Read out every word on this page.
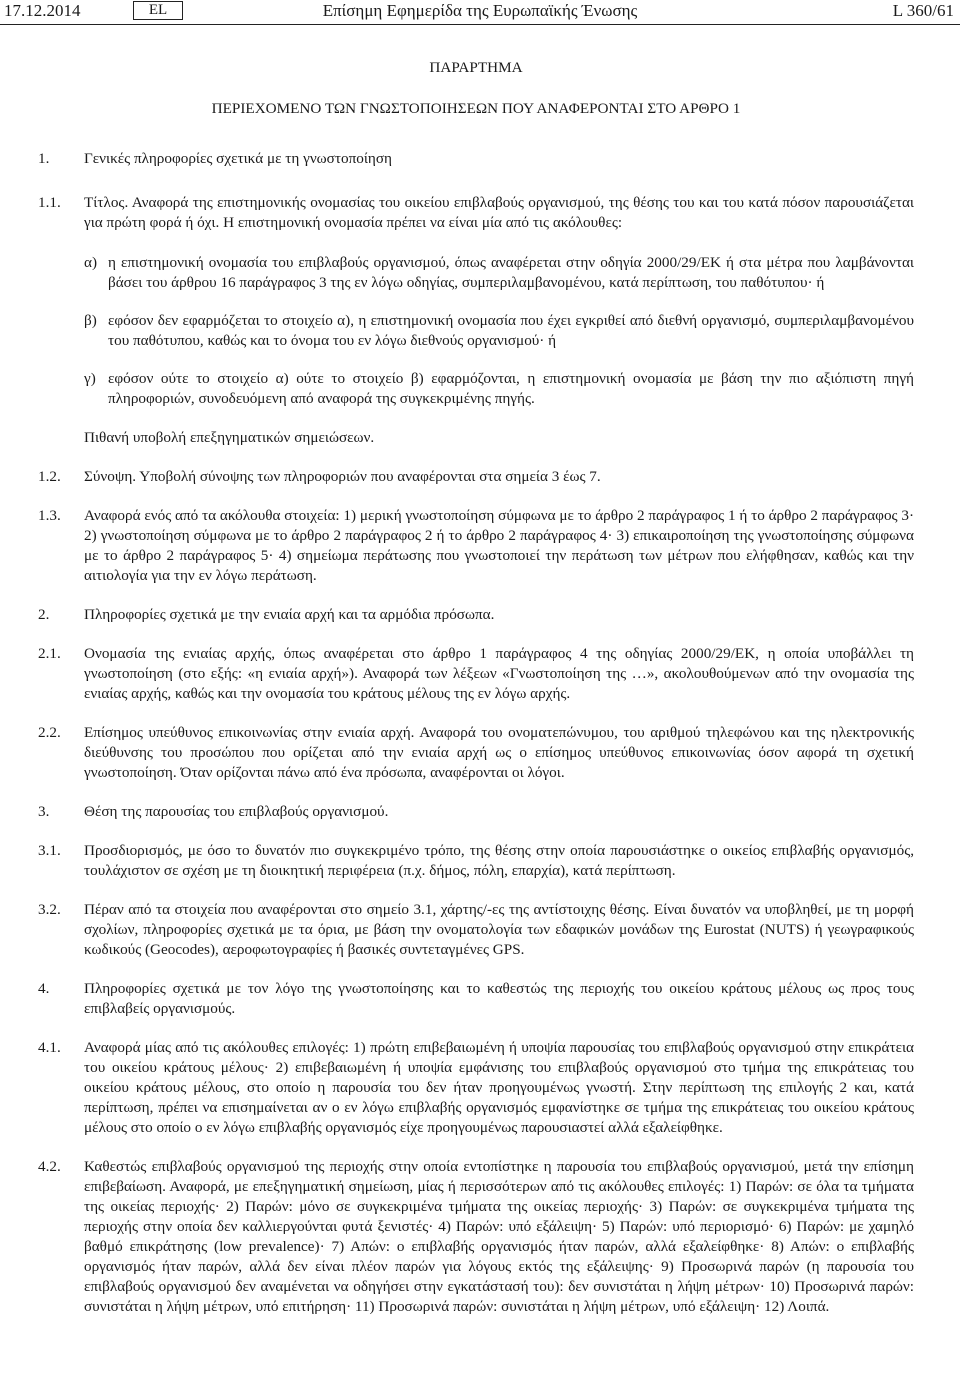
17.12.2014	EL	Επίσημη Εφημερίδα της Ευρωπαϊκής Ένωσης	L 360/61

ΠΑΡΑΡΤΗΜΑ

ΠΕΡΙΕΧΟΜΕΝΟ ΤΩΝ ΓΝΩΣΤΟΠΟΙΗΣΕΩΝ ΠΟΥ ΑΝΑΦΕΡΟΝΤΑΙ ΣΤΟ ΑΡΘΡΟ 1

1. Γενικές πληροφορίες σχετικά με τη γνωστοποίηση

1.1. Τίτλος. Αναφορά της επιστημονικής ονομασίας του οικείου επιβλαβούς οργανισμού, της θέσης του και του κατά πόσον παρουσιάζεται για πρώτη φορά ή όχι. Η επιστημονική ονομασία πρέπει να είναι μία από τις ακόλουθες:

α) η επιστημονική ονομασία του επιβλαβούς οργανισμού, όπως αναφέρεται στην οδηγία 2000/29/ΕΚ ή στα μέτρα που λαμβάνονται βάσει του άρθρου 16 παράγραφος 3 της εν λόγω οδηγίας, συμπεριλαμβανομένου, κατά περίπτωση, του παθότυπου· ή

β) εφόσον δεν εφαρμόζεται το στοιχείο α), η επιστημονική ονομασία που έχει εγκριθεί από διεθνή οργανισμό, συμπεριλαμβανομένου του παθότυπου, καθώς και το όνομα του εν λόγω διεθνούς οργανισμού· ή

γ) εφόσον ούτε το στοιχείο α) ούτε το στοιχείο β) εφαρμόζονται, η επιστημονική ονομασία με βάση την πιο αξιόπιστη πηγή πληροφοριών, συνοδευόμενη από αναφορά της συγκεκριμένης πηγής.

Πιθανή υποβολή επεξηγηματικών σημειώσεων.

1.2. Σύνοψη. Υποβολή σύνοψης των πληροφοριών που αναφέρονται στα σημεία 3 έως 7.

1.3. Αναφορά ενός από τα ακόλουθα στοιχεία: 1) μερική γνωστοποίηση σύμφωνα με το άρθρο 2 παράγραφος 1 ή το άρθρο 2 παράγραφος 3· 2) γνωστοποίηση σύμφωνα με το άρθρο 2 παράγραφος 2 ή το άρθρο 2 παράγραφος 4· 3) επικαιροποίηση της γνωστοποίησης σύμφωνα με το άρθρο 2 παράγραφος 5· 4) σημείωμα περάτωσης που γνωστοποιεί την περάτωση των μέτρων που ελήφθησαν, καθώς και την αιτιολογία για την εν λόγω περάτωση.

2. Πληροφορίες σχετικά με την ενιαία αρχή και τα αρμόδια πρόσωπα.

2.1. Ονομασία της ενιαίας αρχής, όπως αναφέρεται στο άρθρο 1 παράγραφος 4 της οδηγίας 2000/29/ΕΚ, η οποία υποβάλλει τη γνωστοποίηση (στο εξής: «η ενιαία αρχή»). Αναφορά των λέξεων «Γνωστοποίηση της …», ακολουθούμενων από την ονομασία της ενιαίας αρχής, καθώς και την ονομασία του κράτους μέλους της εν λόγω αρχής.

2.2. Επίσημος υπεύθυνος επικοινωνίας στην ενιαία αρχή. Αναφορά του ονοματεπώνυμου, του αριθμού τηλεφώνου και της ηλεκτρονικής διεύθυνσης του προσώπου που ορίζεται από την ενιαία αρχή ως ο επίσημος υπεύθυνος επικοινωνίας όσον αφορά τη σχετική γνωστοποίηση. Όταν ορίζονται πάνω από ένα πρόσωπα, αναφέρονται οι λόγοι.

3. Θέση της παρουσίας του επιβλαβούς οργανισμού.

3.1. Προσδιορισμός, με όσο το δυνατόν πιο συγκεκριμένο τρόπο, της θέσης στην οποία παρουσιάστηκε ο οικείος επιβλαβής οργανισμός, τουλάχιστον σε σχέση με τη διοικητική περιφέρεια (π.χ. δήμος, πόλη, επαρχία), κατά περίπτωση.

3.2. Πέραν από τα στοιχεία που αναφέρονται στο σημείο 3.1, χάρτης/-ες της αντίστοιχης θέσης. Είναι δυνατόν να υποβληθεί, με τη μορφή σχολίων, πληροφορίες σχετικά με τα όρια, με βάση την ονοματολογία των εδαφικών μονάδων της Eurostat (NUTS) ή γεωγραφικούς κωδικούς (Geocodes), αεροφωτογραφίες ή βασικές συντεταγμένες GPS.

4. Πληροφορίες σχετικά με τον λόγο της γνωστοποίησης και το καθεστώς της περιοχής του οικείου κράτους μέλους ως προς τους επιβλαβείς οργανισμούς.

4.1. Αναφορά μίας από τις ακόλουθες επιλογές: 1) πρώτη επιβεβαιωμένη ή υποψία παρουσίας του επιβλαβούς οργανισμού στην επικράτεια του οικείου κράτους μέλους· 2) επιβεβαιωμένη ή υποψία εμφάνισης του επιβλαβούς οργανισμού στο τμήμα της επικράτειας του οικείου κράτους μέλους, στο οποίο η παρουσία του δεν ήταν προηγουμένως γνωστή. Στην περίπτωση της επιλογής 2 και, κατά περίπτωση, πρέπει να επισημαίνεται αν ο εν λόγω επιβλαβής οργανισμός εμφανίστηκε σε τμήμα της επικράτειας του οικείου κράτους μέλους στο οποίο ο εν λόγω επιβλαβής οργανισμός είχε προηγουμένως παρουσιαστεί αλλά εξαλείφθηκε.

4.2. Καθεστώς επιβλαβούς οργανισμού της περιοχής στην οποία εντοπίστηκε η παρουσία του επιβλαβούς οργανισμού, μετά την επίσημη επιβεβαίωση. Αναφορά, με επεξηγηματική σημείωση, μίας ή περισσότερων από τις ακόλουθες επιλογές: 1) Παρών: σε όλα τα τμήματα της οικείας περιοχής· 2) Παρών: μόνο σε συγκεκριμένα τμήματα της οικείας περιοχής· 3) Παρών: σε συγκεκριμένα τμήματα της περιοχής στην οποία δεν καλλιεργούνται φυτά ξενιστές· 4) Παρών: υπό εξάλειψη· 5) Παρών: υπό περιορισμό· 6) Παρών: με χαμηλό βαθμό επικράτησης (low prevalence)· 7) Απών: ο επιβλαβής οργανισμός ήταν παρών, αλλά εξαλείφθηκε· 8) Απών: ο επιβλαβής οργανισμός ήταν παρών, αλλά δεν είναι πλέον παρών για λόγους εκτός της εξάλειψης· 9) Προσωρινά παρών (η παρουσία του επιβλαβούς οργανισμού δεν αναμένεται να οδηγήσει στην εγκατάστασή του): δεν συνιστάται η λήψη μέτρων· 10) Προσωρινά παρών: συνιστάται η λήψη μέτρων, υπό επιτήρηση· 11) Προσωρινά παρών: συνιστάται η λήψη μέτρων, υπό εξάλειψη· 12) Λοιπά.
